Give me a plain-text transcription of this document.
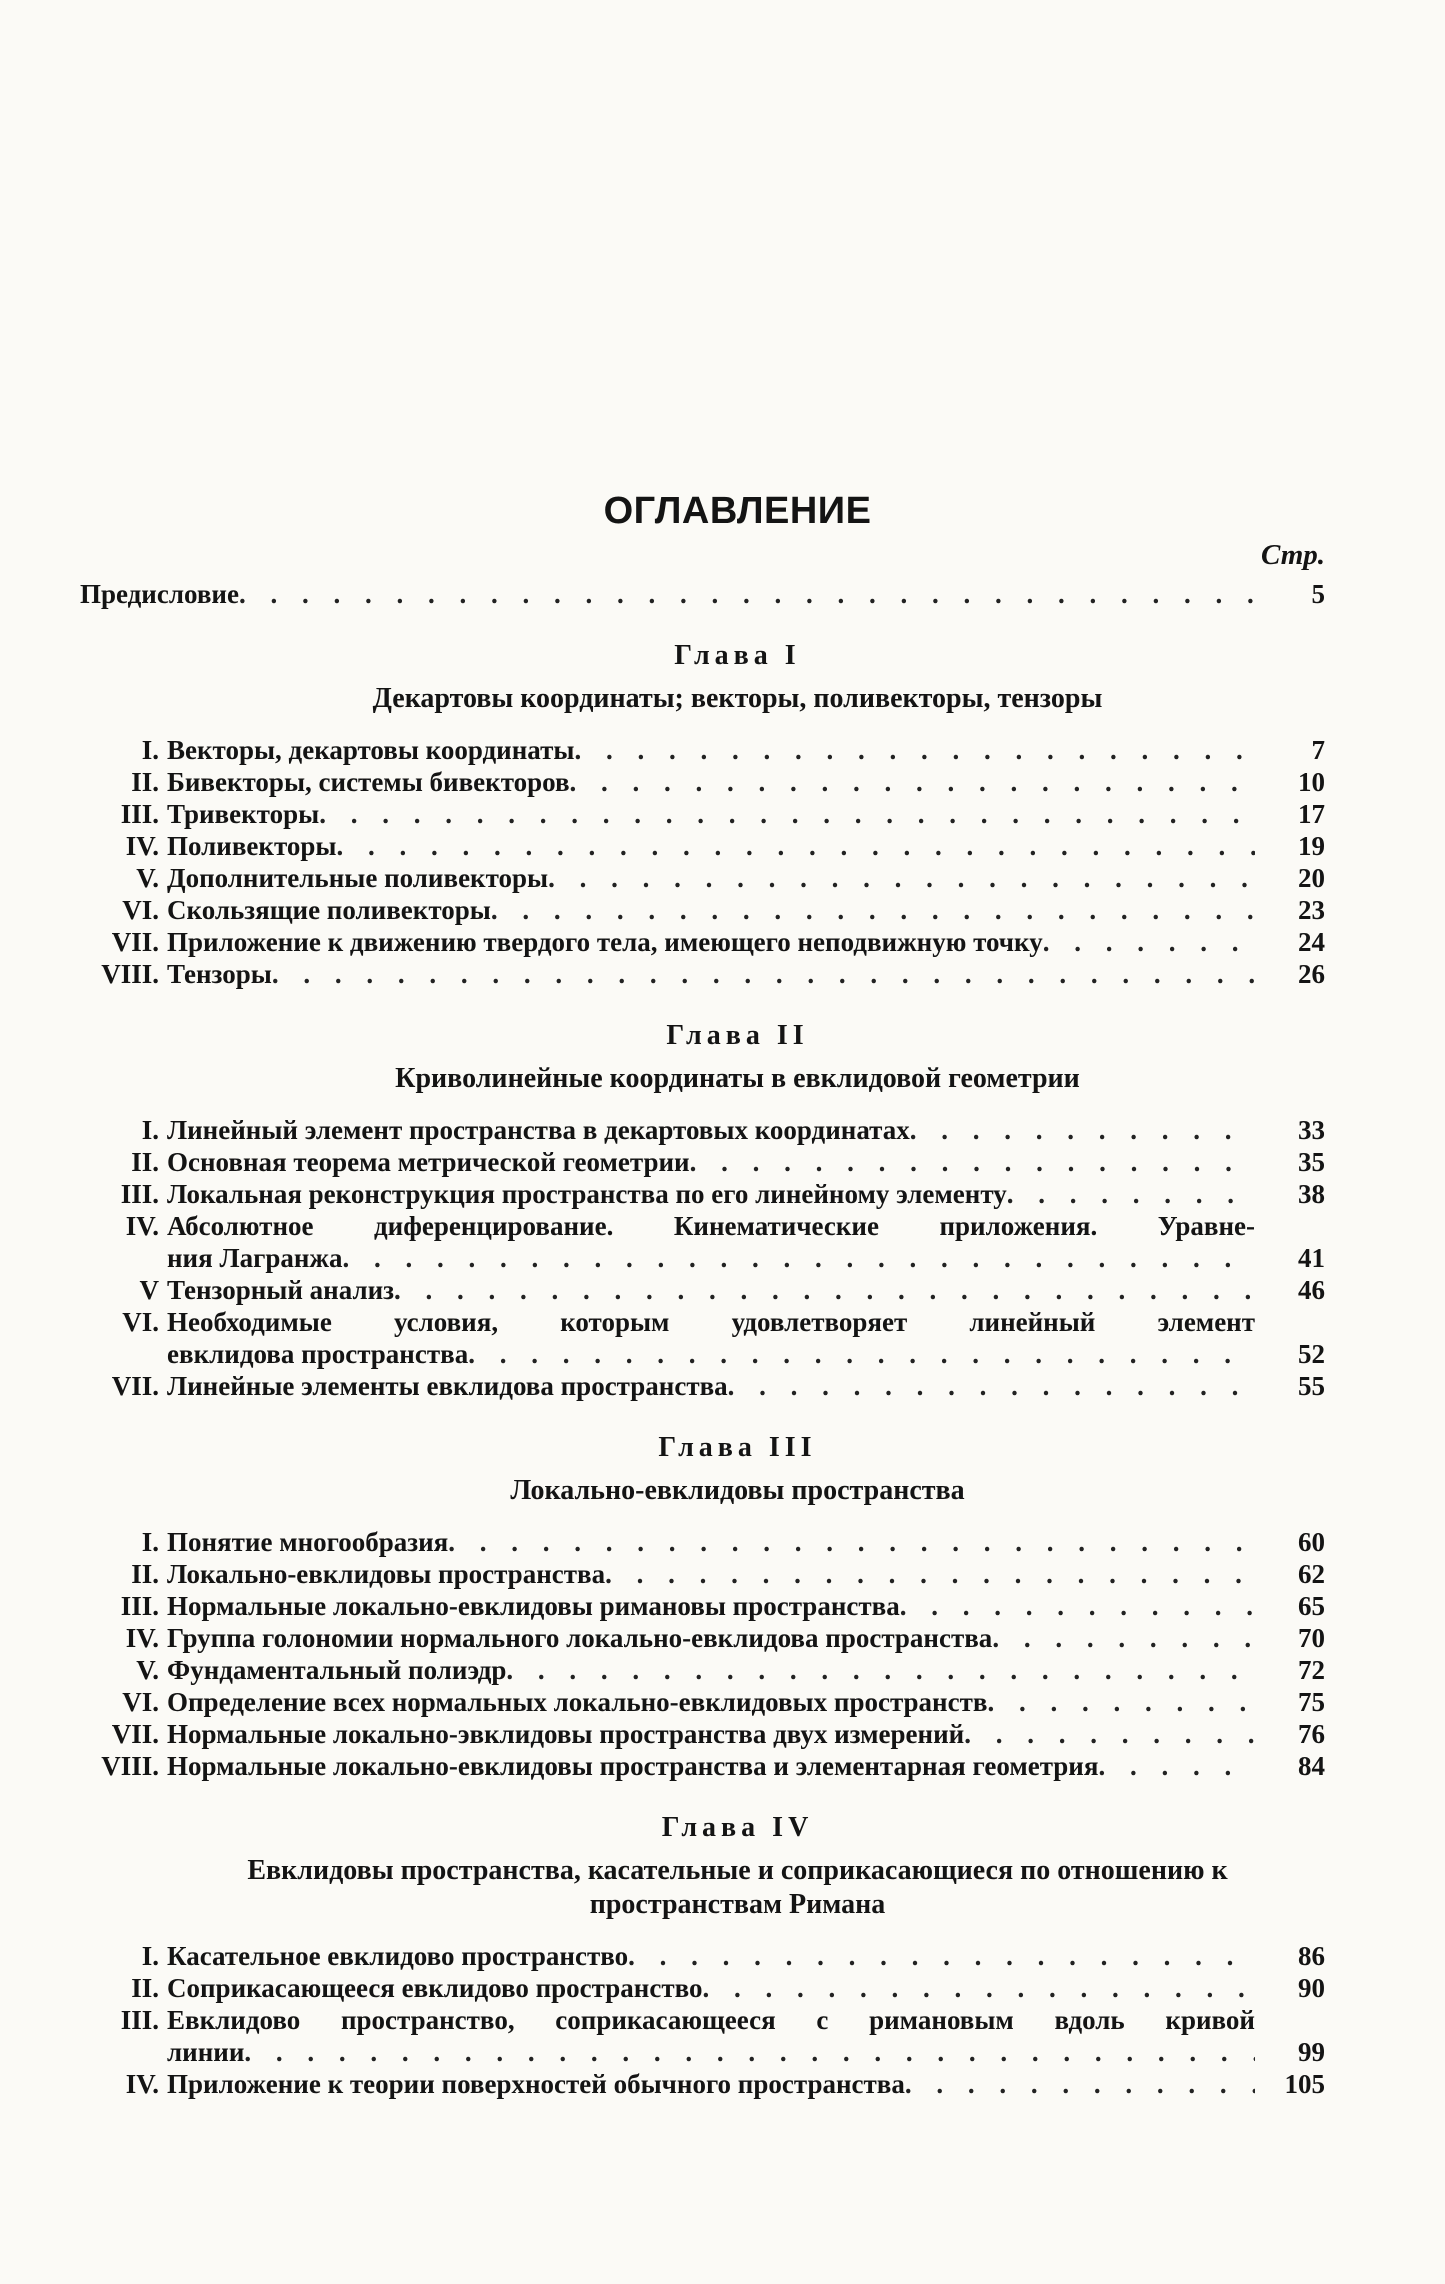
ОГЛАВЛЕНИЕ
Стр.
Предисловие . . .	5
Глава I
Декартовы координаты; векторы, поливекторы, тензоры
I. Векторы, декартовы координаты . . .	7
II. Бивекторы, системы бивекторов . . .	10
III. Тривекторы . . .	17
IV. Поливекторы . . .	19
V. Дополнительные поливекторы . . .	20
VI. Скользящие поливекторы . . .	23
VII. Приложение к движению твердого тела, имеющего неподвижную точку . . .	24
VIII. Тензоры . . .	26
Глава II
Криволинейные координаты в евклидовой геометрии
I. Линейный элемент пространства в декартовых координатах . . .	33
II. Основная теорема метрической геометрии . . .	35
III. Локальная реконструкция пространства по его линейному элементу . . .	38
IV. Абсолютное диференцирование. Кинематические приложения. Уравне-
ния Лагранжа . . .	41
V Тензорный анализ . . .	46
VI. Необходимые условия, которым удовлетворяет линейный элемент
евклидова пространства . . .	52
VII. Линейные элементы евклидова пространства . . .	55
Глава III
Локально-евклидовы пространства
I. Понятие многообразия . . .	60
II. Локально-евклидовы пространства . . .	62
III. Нормальные локально-евклидовы римановы пространства . . .	65
IV. Группа голономии нормального локально-евклидова пространства . . .	70
V. Фундаментальный полиэдр . . .	72
VI. Определение всех нормальных локально-евклидовых пространств . . .	75
VII. Нормальные локально-эвклидовы пространства двух измерений . . .	76
VIII. Нормальные локально-евклидовы пространства и элементарная геометрия . . .	84
Глава IV
Евклидовы пространства, касательные и соприкасающиеся по отношению к пространствам Римана
I. Касательное евклидово пространство . . .	86
II. Соприкасающееся евклидово пространство . . .	90
III. Евклидово пространство, соприкасающееся с римановым вдоль кривой
линии . . .	99
IV. Приложение к теории поверхностей обычного пространства . . .	105
